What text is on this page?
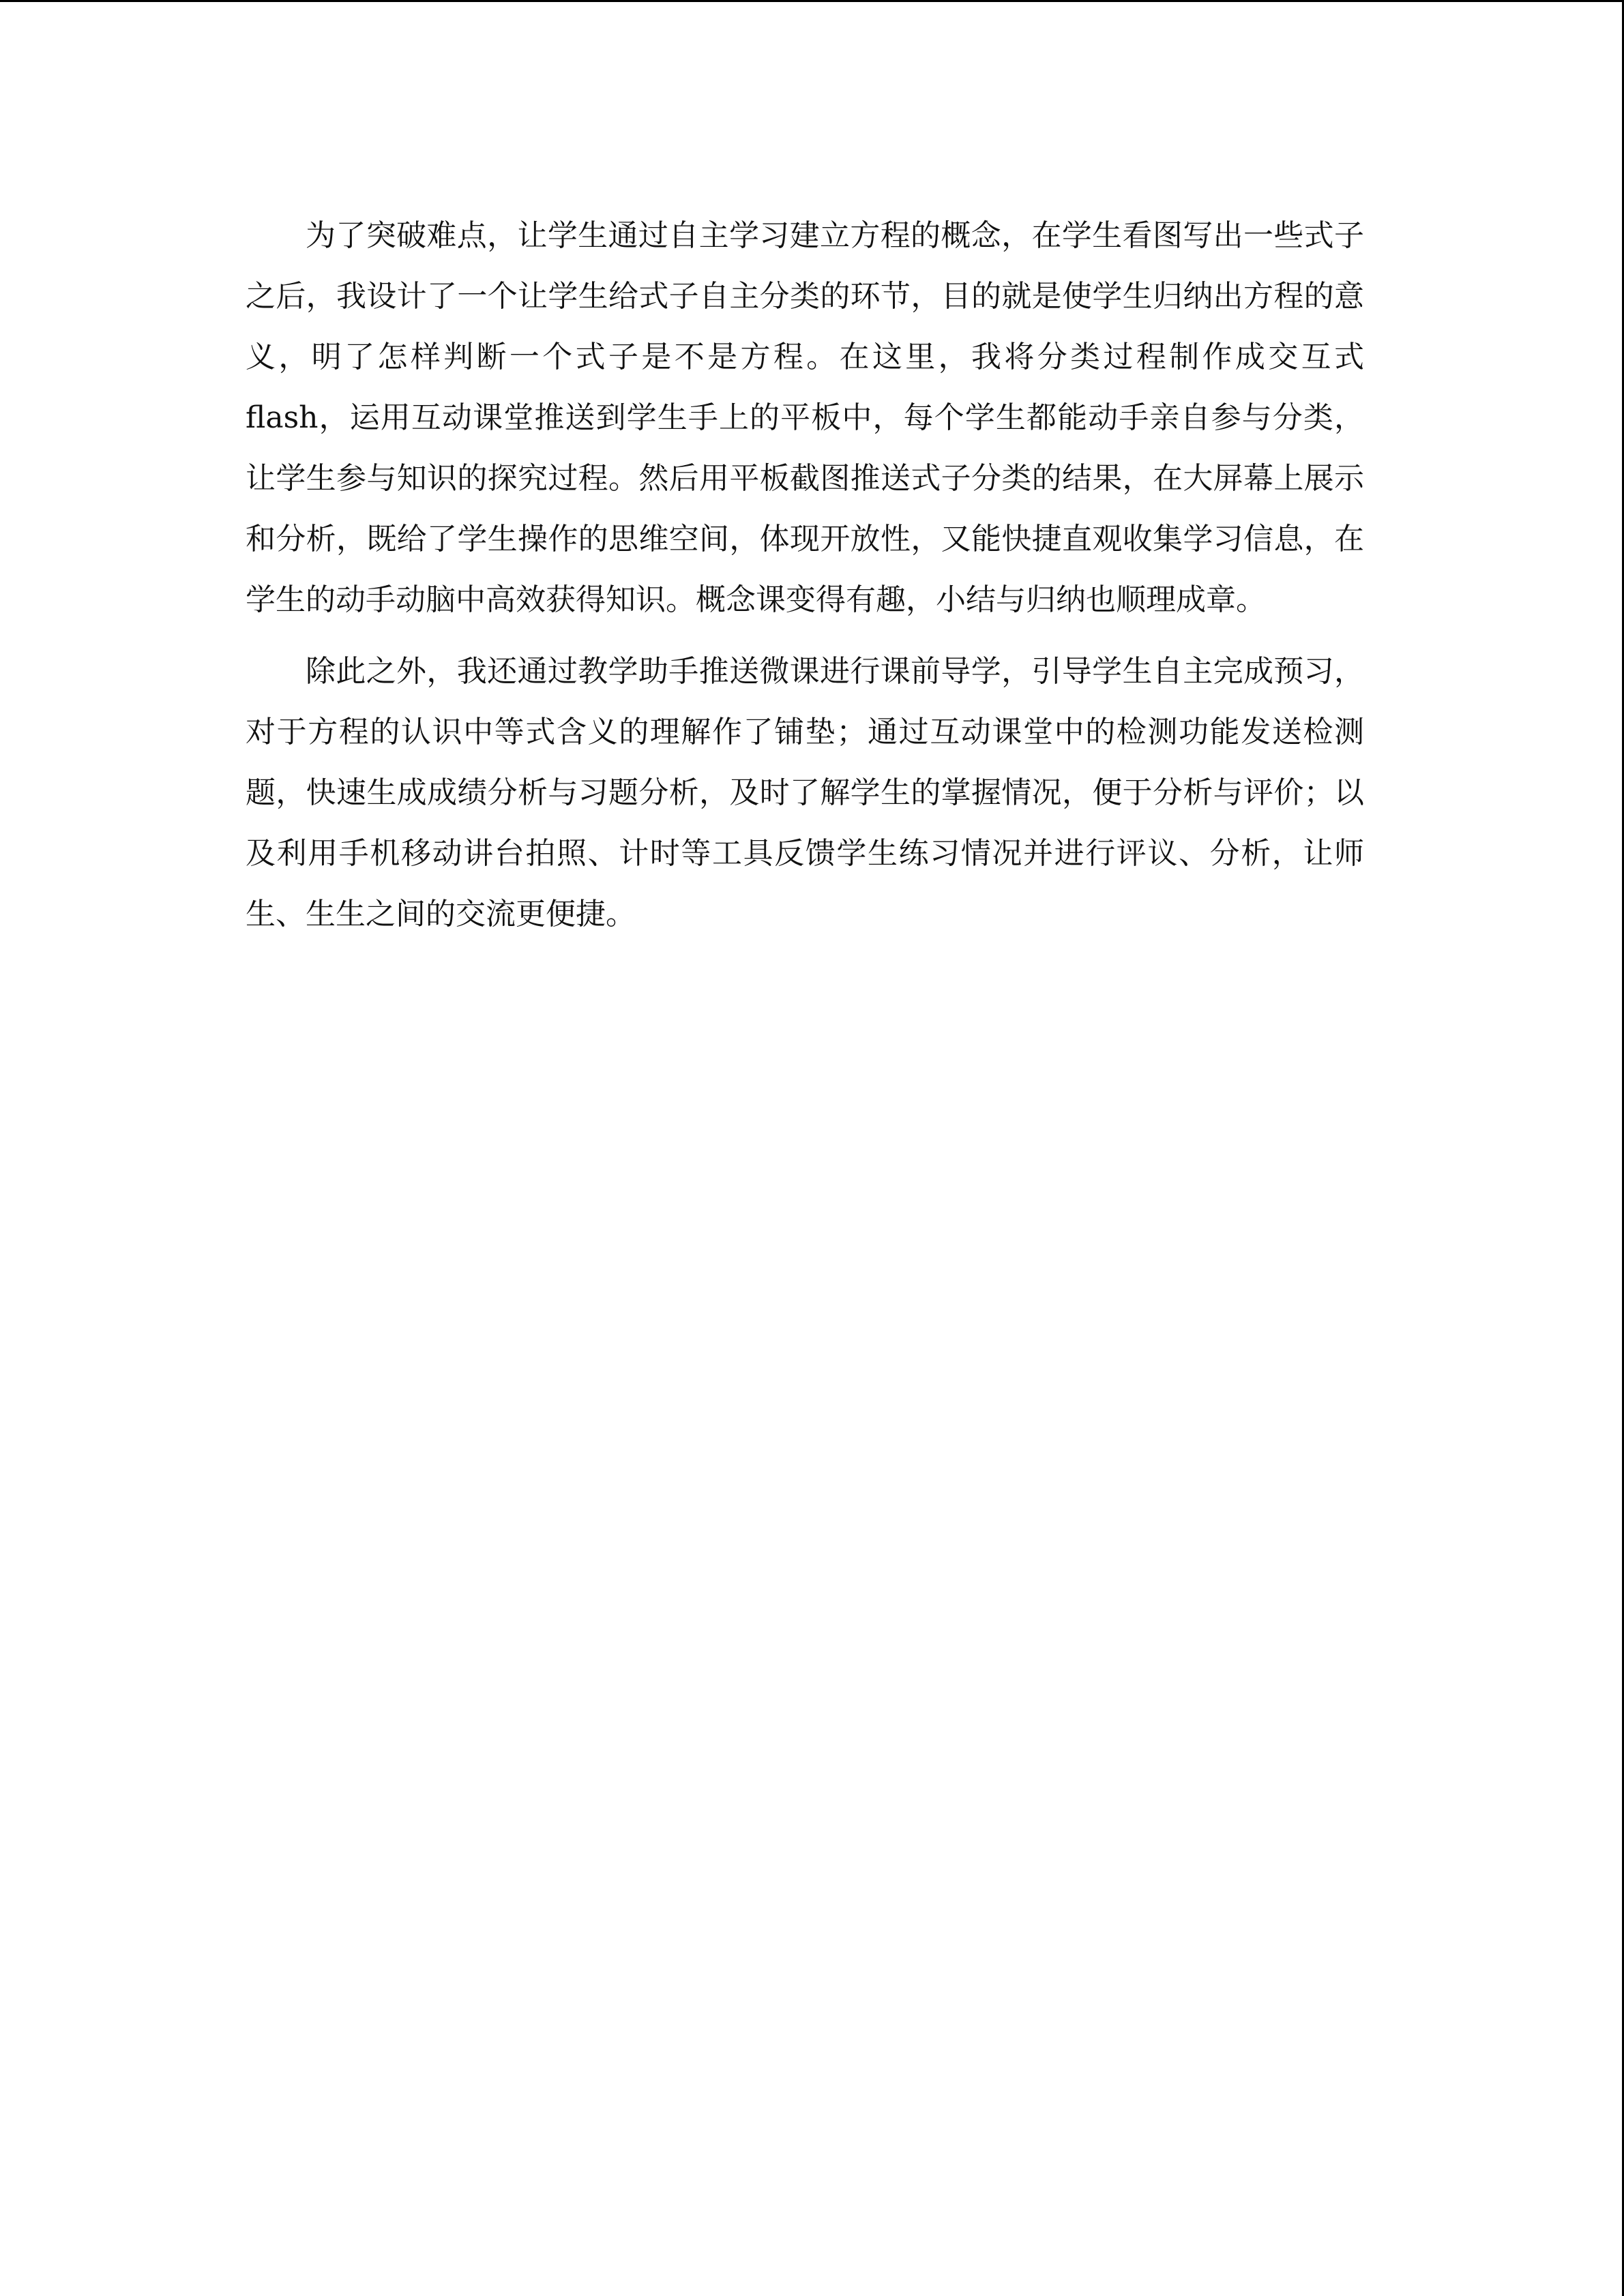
为了突破难点，让学生通过自主学习建立方程的概念，在学生看图写出一些式子之后，我设计了一个让学生给式子自主分类的环节，目的就是使学生归纳出方程的意义，明了怎样判断一个式子是不是方程。在这里，我将分类过程制作成交互式 flash，运用互动课堂推送到学生手上的平板中，每个学生都能动手亲自参与分类，让学生参与知识的探究过程。然后用平板截图推送式子分类的结果，在大屏幕上展示和分析，既给了学生操作的思维空间，体现开放性，又能快捷直观收集学习信息，在学生的动手动脑中高效获得知识。概念课变得有趣，小结与归纳也顺理成章。

除此之外，我还通过教学助手推送微课进行课前导学，引导学生自主完成预习，对于方程的认识中等式含义的理解作了铺垫；通过互动课堂中的检测功能发送检测题，快速生成成绩分析与习题分析，及时了解学生的掌握情况，便于分析与评价；以及利用手机移动讲台拍照、计时等工具反馈学生练习情况并进行评议、分析，让师生、生生之间的交流更便捷。
